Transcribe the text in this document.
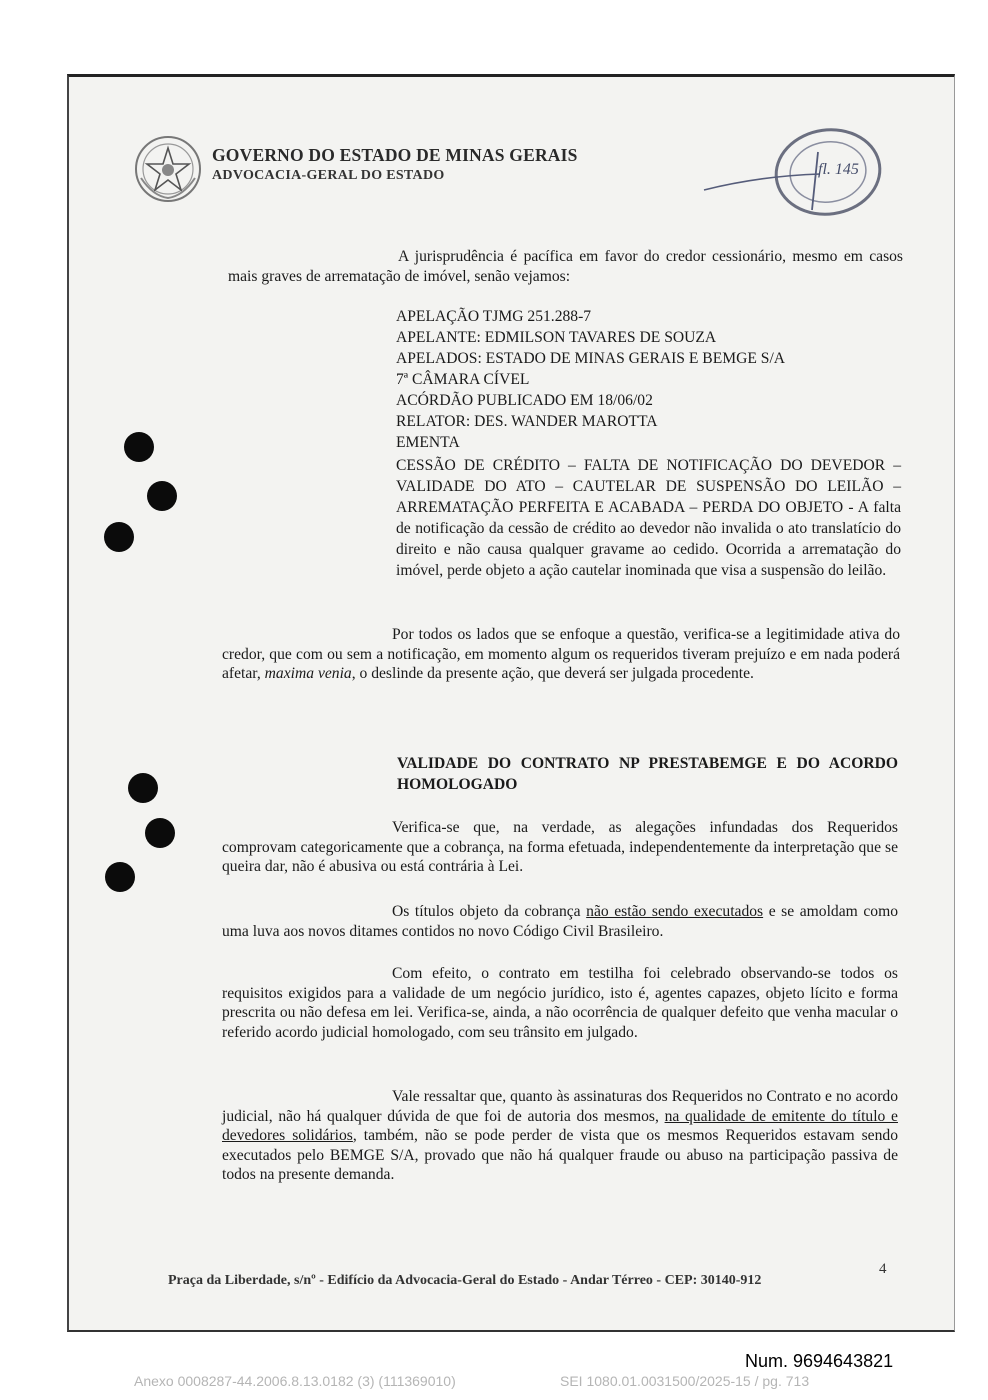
GOVERNO DO ESTADO DE MINAS GERAIS
ADVOCACIA-GERAL DO ESTADO	fl. 145

A jurisprudência é pacífica em favor do credor cessionário, mesmo em casos mais graves de arrematação de imóvel, senão vejamos:

APELAÇÃO TJMG 251.288-7
APELANTE: EDMILSON TAVARES DE SOUZA
APELADOS: ESTADO DE MINAS GERAIS E BEMGE S/A
7ª CÂMARA CÍVEL
ACÓRDÃO PUBLICADO EM 18/06/02
RELATOR: DES. WANDER MAROTTA
EMENTA

CESSÃO DE CRÉDITO – FALTA DE NOTIFICAÇÃO DO DEVEDOR – VALIDADE DO ATO – CAUTELAR DE SUSPENSÃO DO LEILÃO – ARREMATAÇÃO PERFEITA E ACABADA – PERDA DO OBJETO - A falta de notificação da cessão de crédito ao devedor não invalida o ato translatício do direito e não causa qualquer gravame ao cedido. Ocorrida a arrematação do imóvel, perde objeto a ação cautelar inominada que visa a suspensão do leilão.

Por todos os lados que se enfoque a questão, verifica-se a legitimidade ativa do credor, que com ou sem a notificação, em momento algum os requeridos tiveram prejuízo e em nada poderá afetar, maxima venia, o deslinde da presente ação, que deverá ser julgada procedente.

VALIDADE DO CONTRATO NP PRESTABEMGE E DO ACORDO HOMOLOGADO

Verifica-se que, na verdade, as alegações infundadas dos Requeridos comprovam categoricamente que a cobrança, na forma efetuada, independentemente da interpretação que se queira dar, não é abusiva ou está contrária à Lei.

Os títulos objeto da cobrança não estão sendo executados e se amoldam como uma luva aos novos ditames contidos no novo Código Civil Brasileiro.

Com efeito, o contrato em testilha foi celebrado observando-se todos os requisitos exigidos para a validade de um negócio jurídico, isto é, agentes capazes, objeto lícito e forma prescrita ou não defesa em lei. Verifica-se, ainda, a não ocorrência de qualquer defeito que venha macular o referido acordo judicial homologado, com seu trânsito em julgado.

Vale ressaltar que, quanto às assinaturas dos Requeridos no Contrato e no acordo judicial, não há qualquer dúvida de que foi de autoria dos mesmos, na qualidade de emitente do título e devedores solidários, também, não se pode perder de vista que os mesmos Requeridos estavam sendo executados pelo BEMGE S/A, provado que não há qualquer fraude ou abuso na participação passiva de todos na presente demanda.

4
Praça da Liberdade, s/nº - Edifício da Advocacia-Geral do Estado - Andar Térreo - CEP: 30140-912
Num. 9694643821
Anexo 0008287-44.2006.8.13.0182 (3) (111369010)	SEI 1080.01.0031500/2025-15 / pg. 713
